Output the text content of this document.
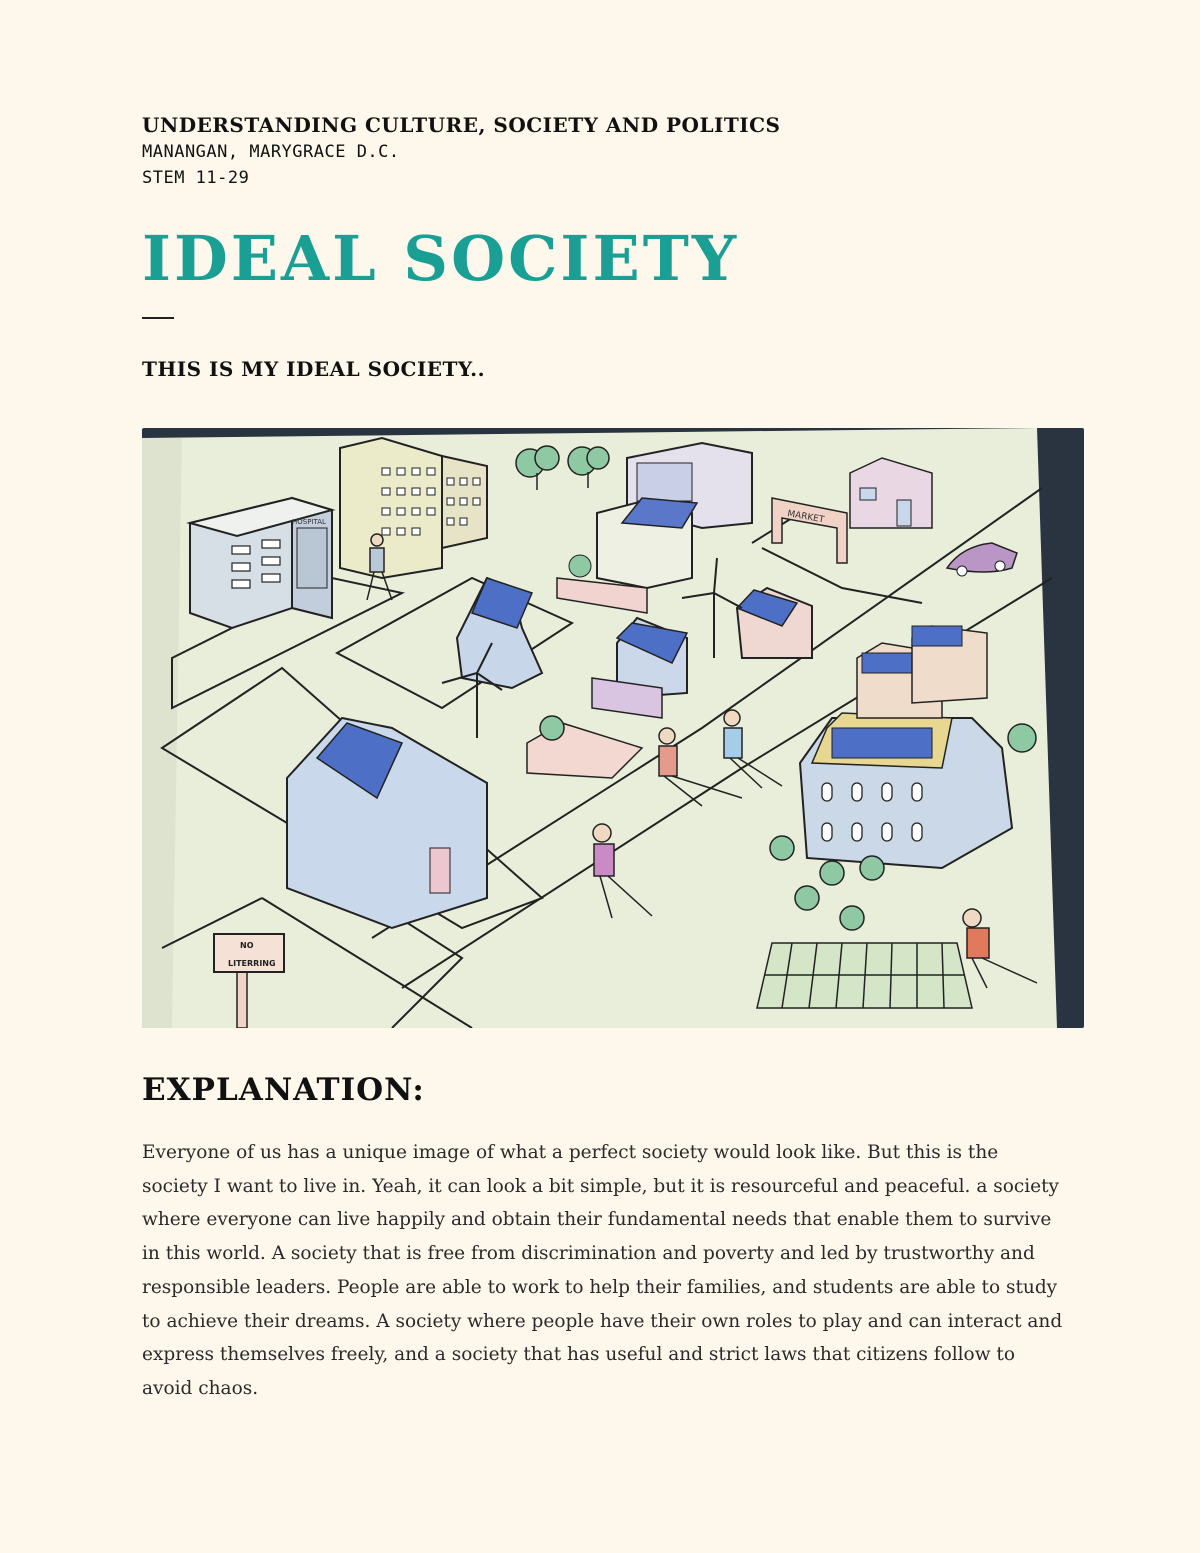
UNDERSTANDING CULTURE, SOCIETY AND POLITICS
MANANGAN, MARYGRACE D.C.
STEM 11-29
IDEAL SOCIETY
THIS IS MY IDEAL SOCIETY..
HOSPITAL	MARKET
NO
LITERRING
EXPLANATION:
Everyone of us has a unique image of what a perfect society would look like. But this is the society I want to live in. Yeah, it can look a bit simple, but it is resourceful and peaceful. a society where everyone can live happily and obtain their fundamental needs that enable them to survive in this world. A society that is free from discrimination and poverty and led by trustworthy and responsible leaders. People are able to work to help their families, and students are able to study to achieve their dreams. A society where people have their own roles to play and can interact and express themselves freely, and a society that has useful and strict laws that citizens follow to avoid chaos.
